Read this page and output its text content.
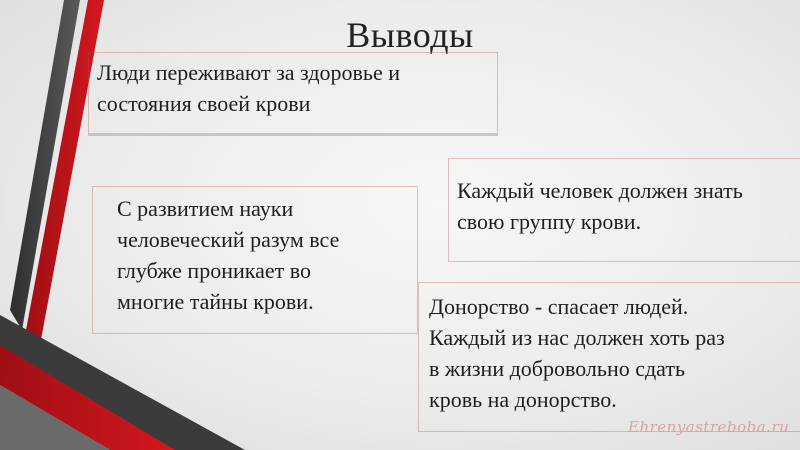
Выводы

Люди переживают за здоровье и

состояния своей крови

С развитием науки

человеческий разум все

глубже проникает во

многие тайны крови.

Каждый человек должен знать

свою группу крови.

Донорство - спасает людей.

Каждый из нас должен хоть раз

в жизни добровольно сдать

кровь на донорство.

Ehrenyastreboba.ru
